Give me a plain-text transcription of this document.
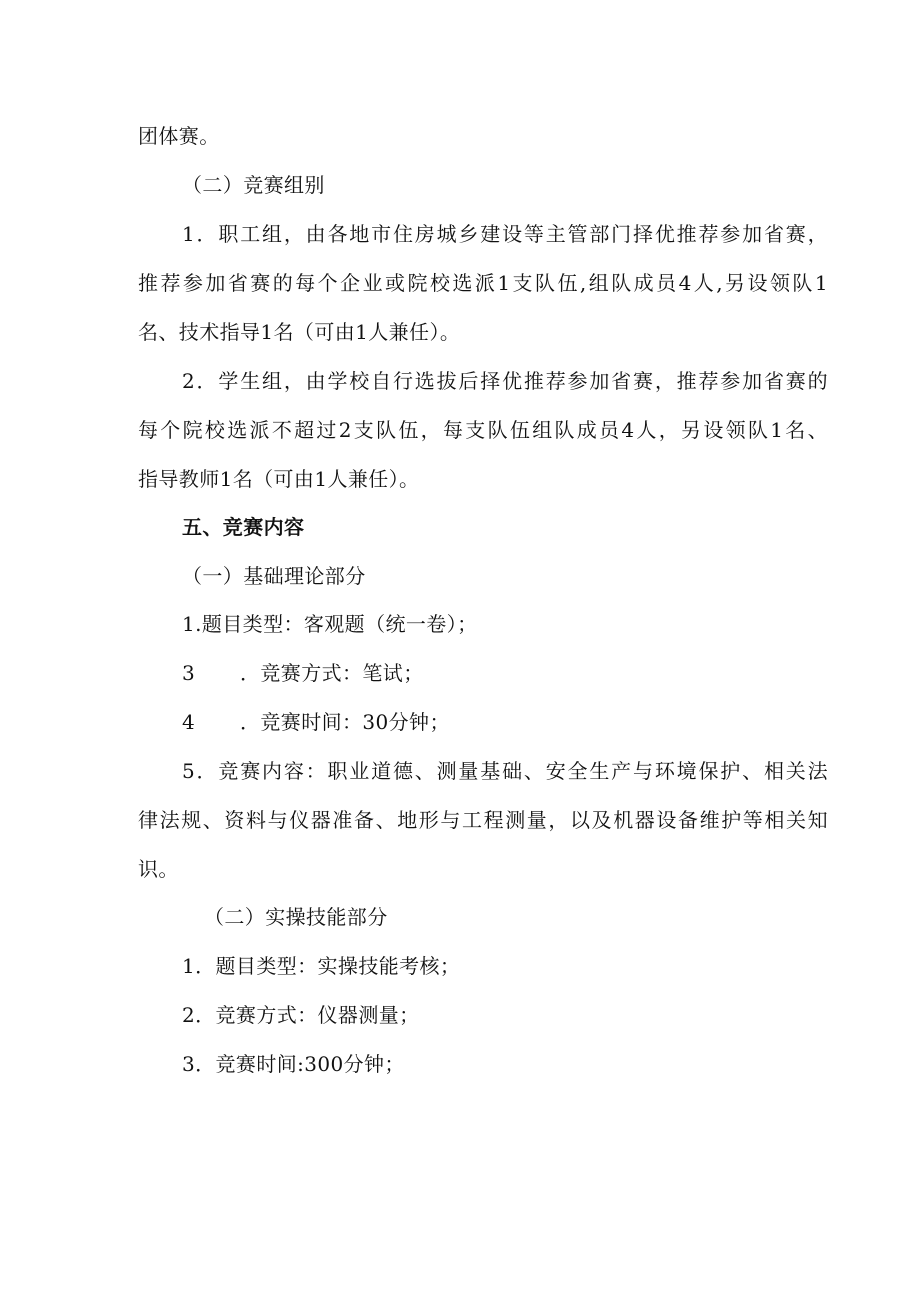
团体赛。
（二）竞赛组别
1．职工组，由各地市住房城乡建设等主管部门择优推荐参加省赛，
推荐参加省赛的每个企业或院校选派1支队伍,组队成员4人,另设领队1
名、技术指导1名（可由1人兼任）。
2．学生组，由学校自行选拔后择优推荐参加省赛，推荐参加省赛的
每个院校选派不超过2支队伍，每支队伍组队成员4人，另设领队1名、
指导教师1名（可由1人兼任）。
五、竞赛内容
（一）基础理论部分
1.题目类型：客观题（统一卷）；
3 ．竞赛方式：笔试；
4 ．竞赛时间：30分钟；
5．竞赛内容：职业道德、测量基础、安全生产与环境保护、相关法
律法规、资料与仪器准备、地形与工程测量，以及机器设备维护等相关知
识。
（二）实操技能部分
1．题目类型：实操技能考核；
2．竞赛方式：仪器测量；
3．竞赛时间:300分钟；
